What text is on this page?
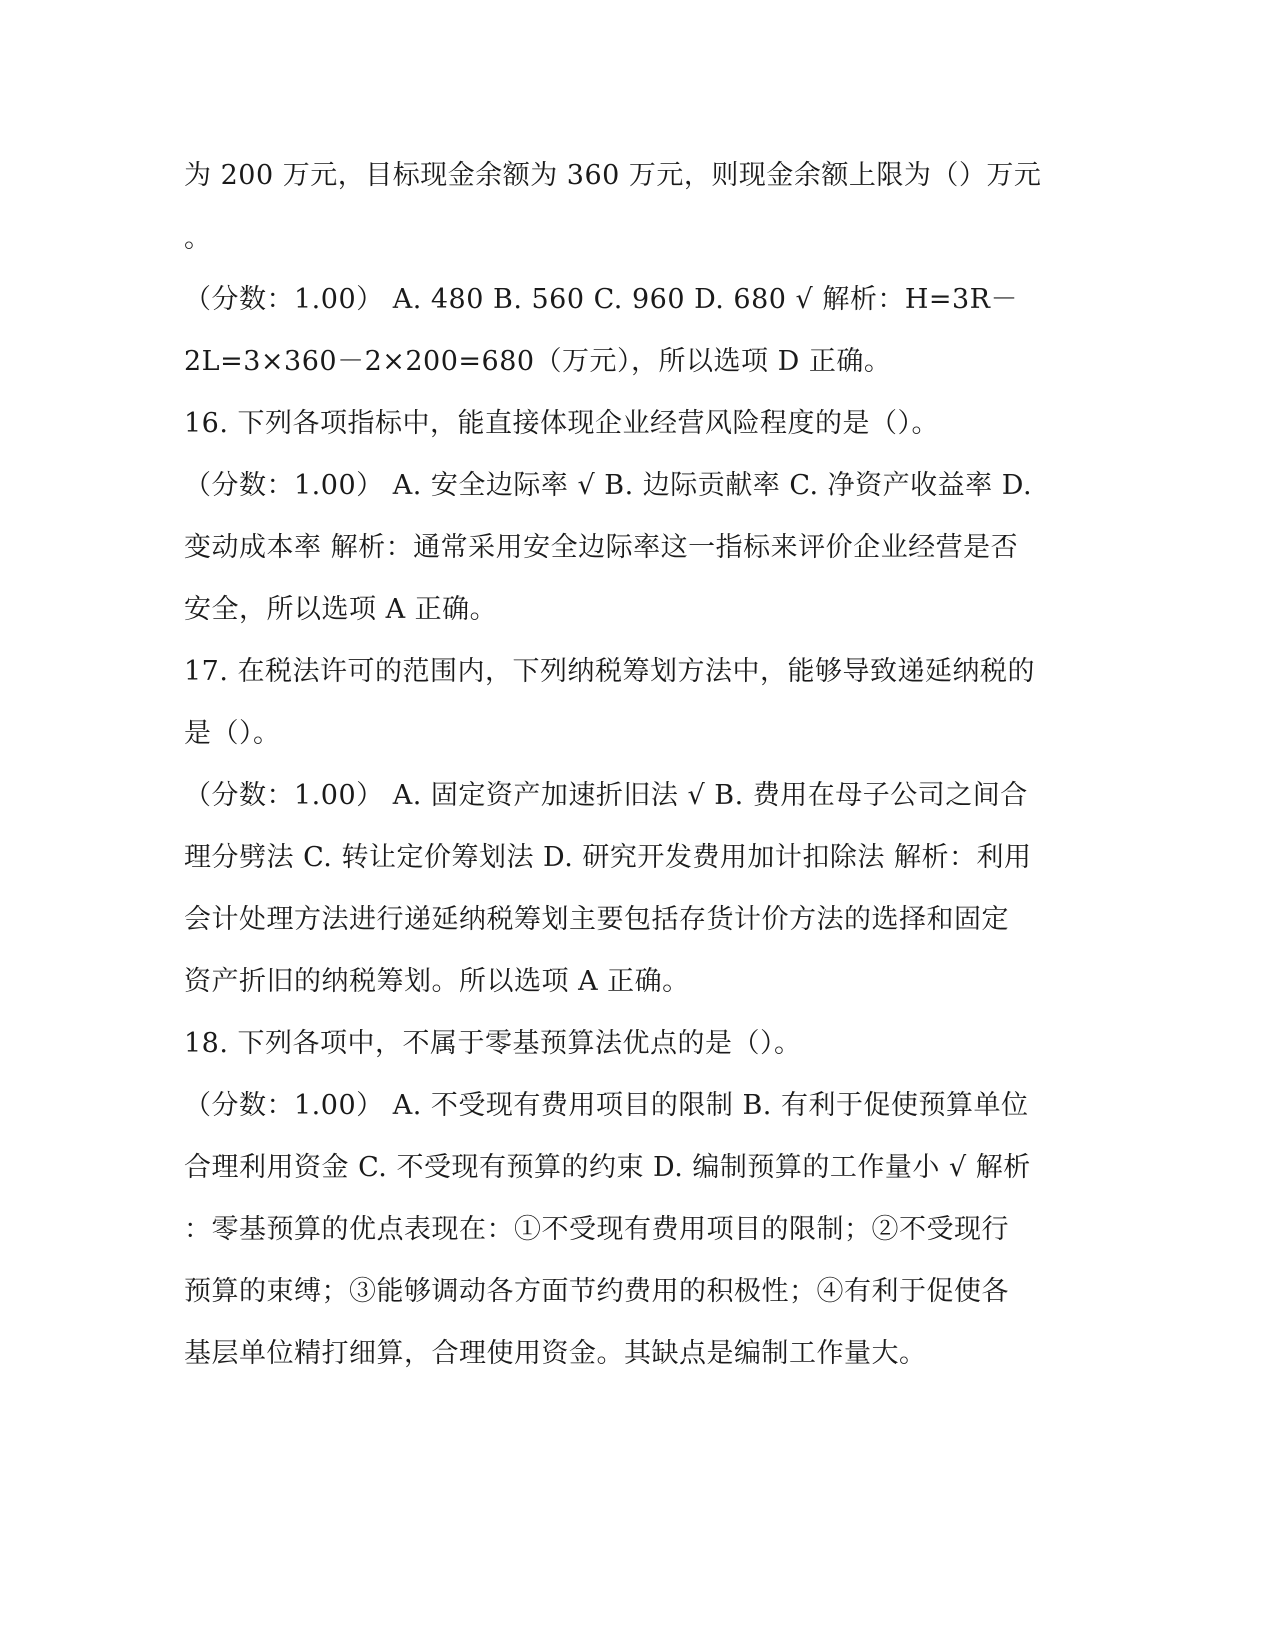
为 200 万元，目标现金余额为 360 万元，则现金余额上限为（）万元
。
（分数：1.00） A. 480 B. 560 C. 960 D. 680 √ 解析：H=3R－
2L=3×360－2×200=680（万元），所以选项 D 正确。
16. 下列各项指标中，能直接体现企业经营风险程度的是（）。
（分数：1.00） A. 安全边际率 √ B. 边际贡献率 C. 净资产收益率 D.
变动成本率 解析：通常采用安全边际率这一指标来评价企业经营是否
安全，所以选项 A 正确。
17. 在税法许可的范围内，下列纳税筹划方法中，能够导致递延纳税的
是（）。
（分数：1.00） A. 固定资产加速折旧法 √ B. 费用在母子公司之间合
理分劈法 C. 转让定价筹划法 D. 研究开发费用加计扣除法 解析：利用
会计处理方法进行递延纳税筹划主要包括存货计价方法的选择和固定
资产折旧的纳税筹划。所以选项 A 正确。
18. 下列各项中，不属于零基预算法优点的是（）。
（分数：1.00） A. 不受现有费用项目的限制 B. 有利于促使预算单位
合理利用资金 C. 不受现有预算的约束 D. 编制预算的工作量小 √ 解析
：零基预算的优点表现在：①不受现有费用项目的限制；②不受现行
预算的束缚；③能够调动各方面节约费用的积极性；④有利于促使各
基层单位精打细算，合理使用资金。其缺点是编制工作量大。
